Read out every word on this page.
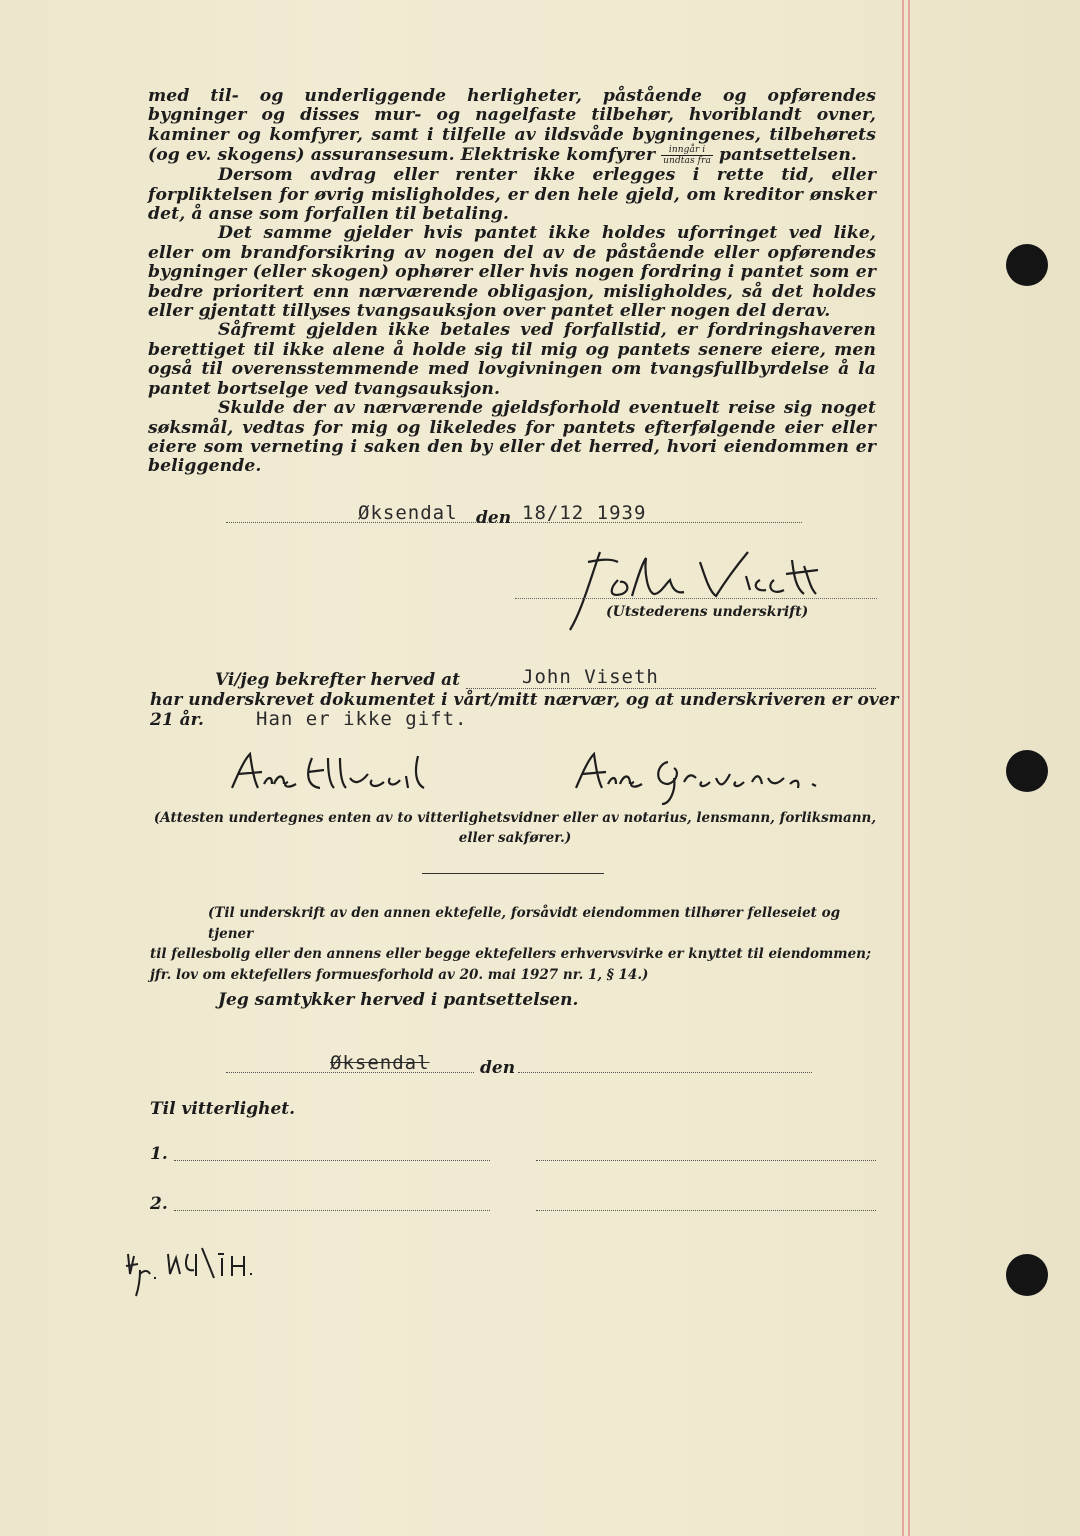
med til- og underliggende herligheter, påstående og opførendes bygninger og disses mur- og nagelfaste tilbehør, hvoriblandt ovner, kaminer og komfyrer, samt i tilfelle av ildsvåde bygningenes, tilbehørets (og ev. skogens) assuransesum. Elektriske komfyrer $\frac{\text{inngår i}}{\text{undtas fra}}$ pantsettelsen.

Dersom avdrag eller renter ikke erlegges i rette tid, eller forpliktelsen for øvrig misligholdes, er den hele gjeld, om kreditor ønsker det, å anse som forfallen til betaling.

Det samme gjelder hvis pantet ikke holdes uforringet ved like, eller om brandforsikring av nogen del av de påstående eller opførendes bygninger (eller skogen) ophører eller hvis nogen fordring i pantet som er bedre prioritert enn nærværende obligasjon, misligholdes, så det holdes eller gjentatt tillyses tvangsauksjon over pantet eller nogen del derav.

Såfremt gjelden ikke betales ved forfallstid, er fordringshaveren berettiget til ikke alene å holde sig til mig og pantets senere eiere, men også til overensstemmende med lovgivningen om tvangsfullbyrdelse å la pantet bortselge ved tvangsauksjon.

Skulde der av nærværende gjeldsforhold eventuelt reise sig noget søksmål, vedtas for mig og likeledes for pantets efterfølgende eier eller eiere som verneting i saken den by eller det herred, hvori eiendommen er beliggende.

Øksendal den 18/12 1939
(Utstederens underskrift)
Vi/jeg bekrefter herved at	John Viseth
har underskrevet dokumentet i vårt/mitt nærvær, og at underskriveren er over
21 år.	Han er ikke gift.
(Attesten undertegnes enten av to vitterlighetsvidner eller av notarius, lensmann, forliksmann,
eller sakfører.)
(Til underskrift av den annen ektefelle, forsåvidt eiendommen tilhører felleseiet og tjener
til fellesbolig eller den annens eller begge ektefellers erhvervsvirke er knyttet til eiendommen;
jfr. lov om ektefellers formuesforhold av 20. mai 1927 nr. 1, § 14.)
Jeg samtykker herved i pantsettelsen.
Øksendal	den
Til vitterlighet.
1.
2.
